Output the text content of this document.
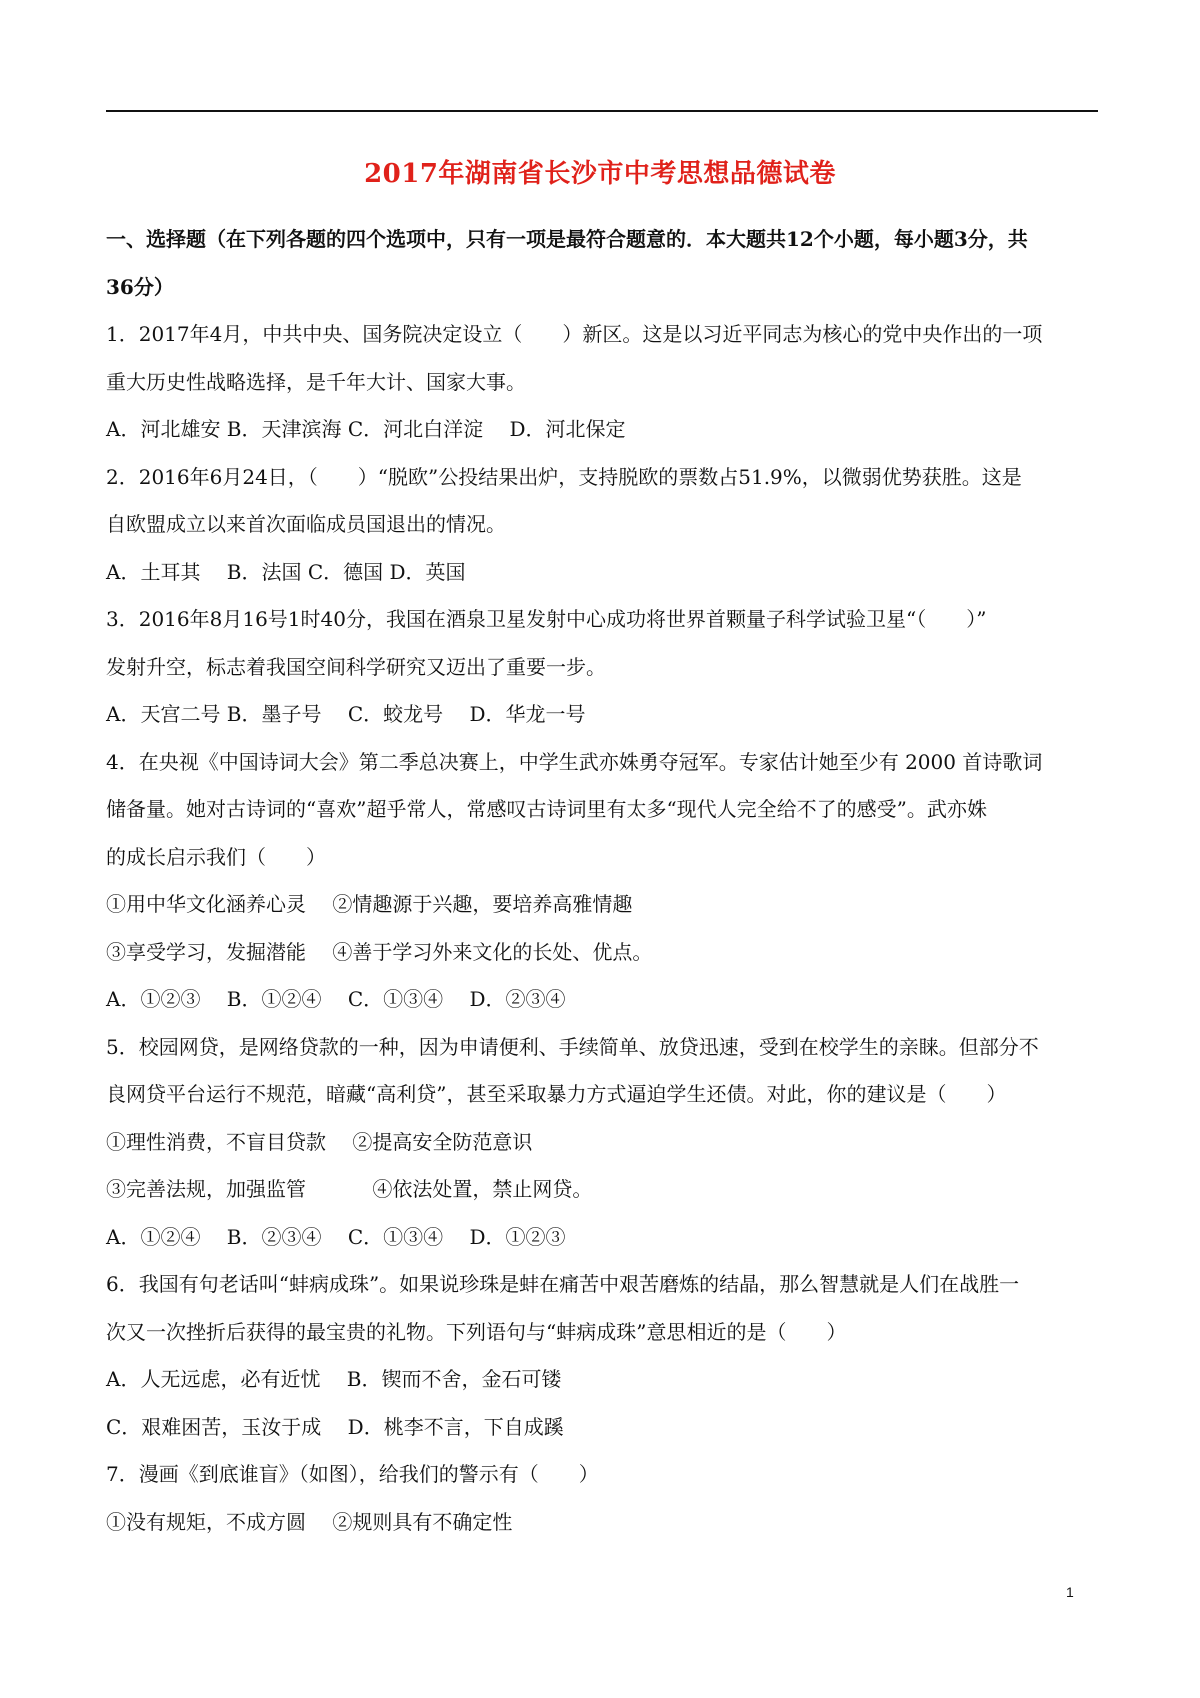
2017年湖南省长沙市中考思想品德试卷
一、选择题（在下列各题的四个选项中，只有一项是最符合题意的．本大题共12个小题，每小题3分，共
36分）
1．2017年4月，中共中央、国务院决定设立（　　）新区。这是以习近平同志为核心的党中央作出的一项
重大历史性战略选择，是千年大计、国家大事。
A．河北雄安 B．天津滨海 C．河北白洋淀　 D．河北保定
2．2016年6月24日，（　　）“脱欧”公投结果出炉，支持脱欧的票数占51.9%，以微弱优势获胜。这是
自欧盟成立以来首次面临成员国退出的情况。
A．土耳其　 B．法国 C．德国 D．英国
3．2016年8月16号1时40分，我国在酒泉卫星发射中心成功将世界首颗量子科学试验卫星“（　　）”
发射升空，标志着我国空间科学研究又迈出了重要一步。
A．天宫二号 B．墨子号　 C．蛟龙号　 D．华龙一号
4．在央视《中国诗词大会》第二季总决赛上，中学生武亦姝勇夺冠军。专家估计她至少有 2000 首诗歌词
储备量。她对古诗词的“喜欢”超乎常人，常感叹古诗词里有太多“现代人完全给不了的感受”。武亦姝
的成长启示我们（　　）
①用中华文化涵养心灵　 ②情趣源于兴趣，要培养高雅情趣
③享受学习，发掘潜能　 ④善于学习外来文化的长处、优点。
A．①②③　 B．①②④　 C．①③④　 D．②③④
5．校园网贷，是网络贷款的一种，因为申请便利、手续简单、放贷迅速，受到在校学生的亲睐。但部分不
良网贷平台运行不规范，暗藏“高利贷”，甚至采取暴力方式逼迫学生还债。对此，你的建议是（　　）
①理性消费，不盲目贷款　 ②提高安全防范意识
③完善法规，加强监管　　　 ④依法处置，禁止网贷。
A．①②④　 B．②③④　 C．①③④　 D．①②③
6．我国有句老话叫“蚌病成珠”。如果说珍珠是蚌在痛苦中艰苦磨炼的结晶，那么智慧就是人们在战胜一
次又一次挫折后获得的最宝贵的礼物。下列语句与“蚌病成珠”意思相近的是（　　）
A．人无远虑，必有近忧　 B．锲而不舍，金石可镂
C．艰难困苦，玉汝于成　 D．桃李不言，下自成蹊
7．漫画《到底谁盲》（如图），给我们的警示有（　　）
①没有规矩，不成方圆　 ②规则具有不确定性
1
